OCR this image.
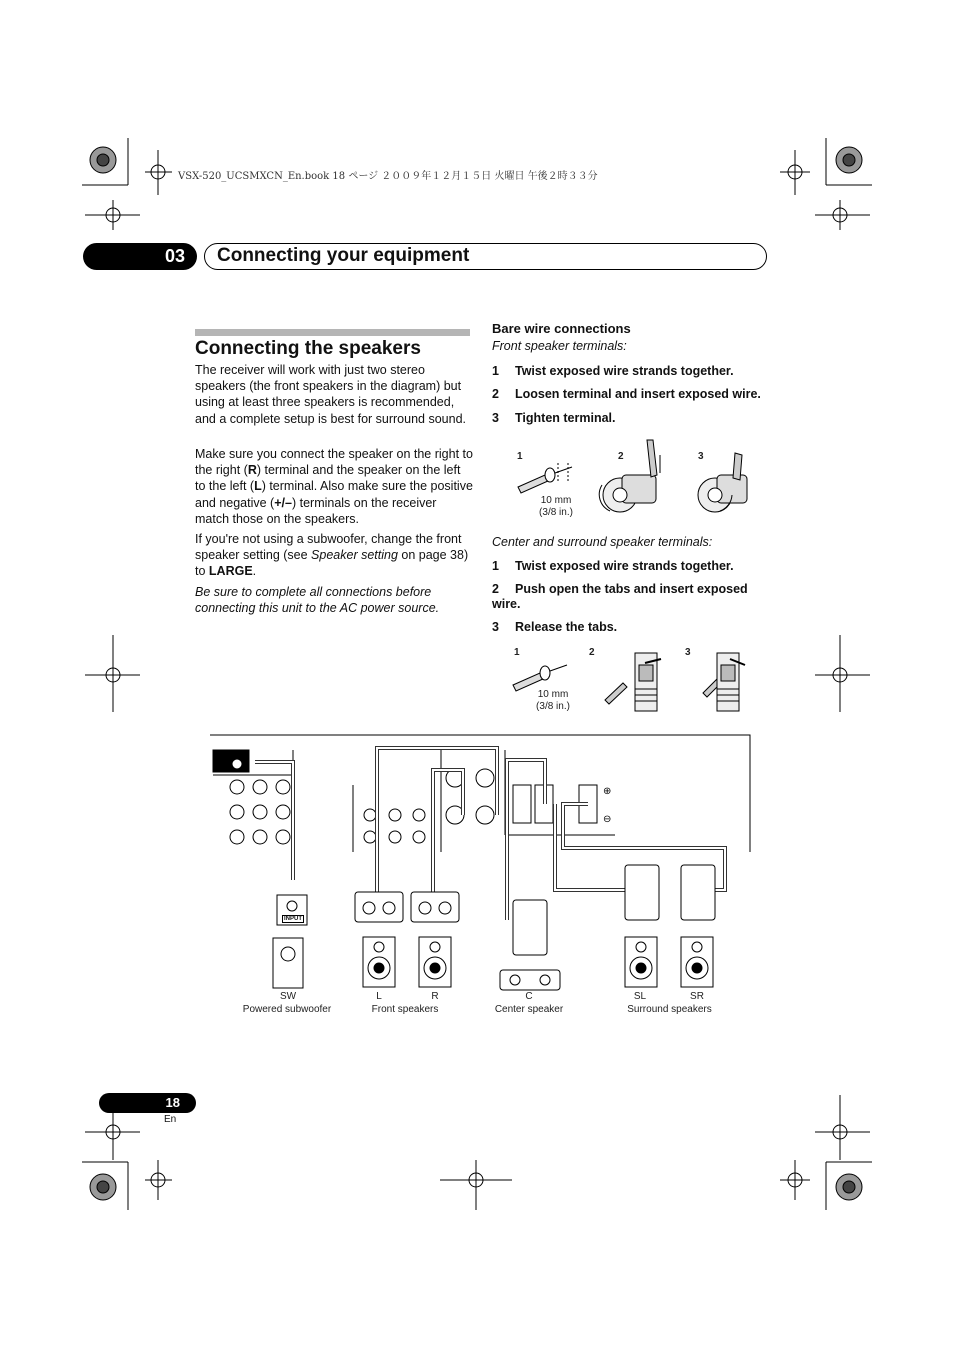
VSX-520_UCSMXCN_En.book 18 ページ ２００９年１２月１５日 火曜日 午後２時３３分
03	Connecting your equipment
Connecting the speakers
The receiver will work with just two stereo speakers (the front speakers in the diagram) but using at least three speakers is recommended, and a complete setup is best for surround sound.
Make sure you connect the speaker on the right to the right (R) terminal and the speaker on the left to the left (L) terminal. Also make sure the positive and negative (+/–) terminals on the receiver match those on the speakers.
If you're not using a subwoofer, change the front speaker setting (see Speaker setting on page 38) to LARGE.
Be sure to complete all connections before connecting this unit to the AC power source.
Bare wire connections
Front speaker terminals:
1 Twist exposed wire strands together.
2 Loosen terminal and insert exposed wire.
3 Tighten terminal.
1	2	3
10 mm
(3/8 in.)
Center and surround speaker terminals:
1 Twist exposed wire strands together.
2 Push open the tabs and insert exposed wire.
3 Release the tabs.
1	2	3
10 mm
(3/8 in.)
⊕
⊖
INPUT
SW
Powered subwoofer
L
Front speakers
R	C
Center speaker
SL
Surround speakers
SR
18
En
